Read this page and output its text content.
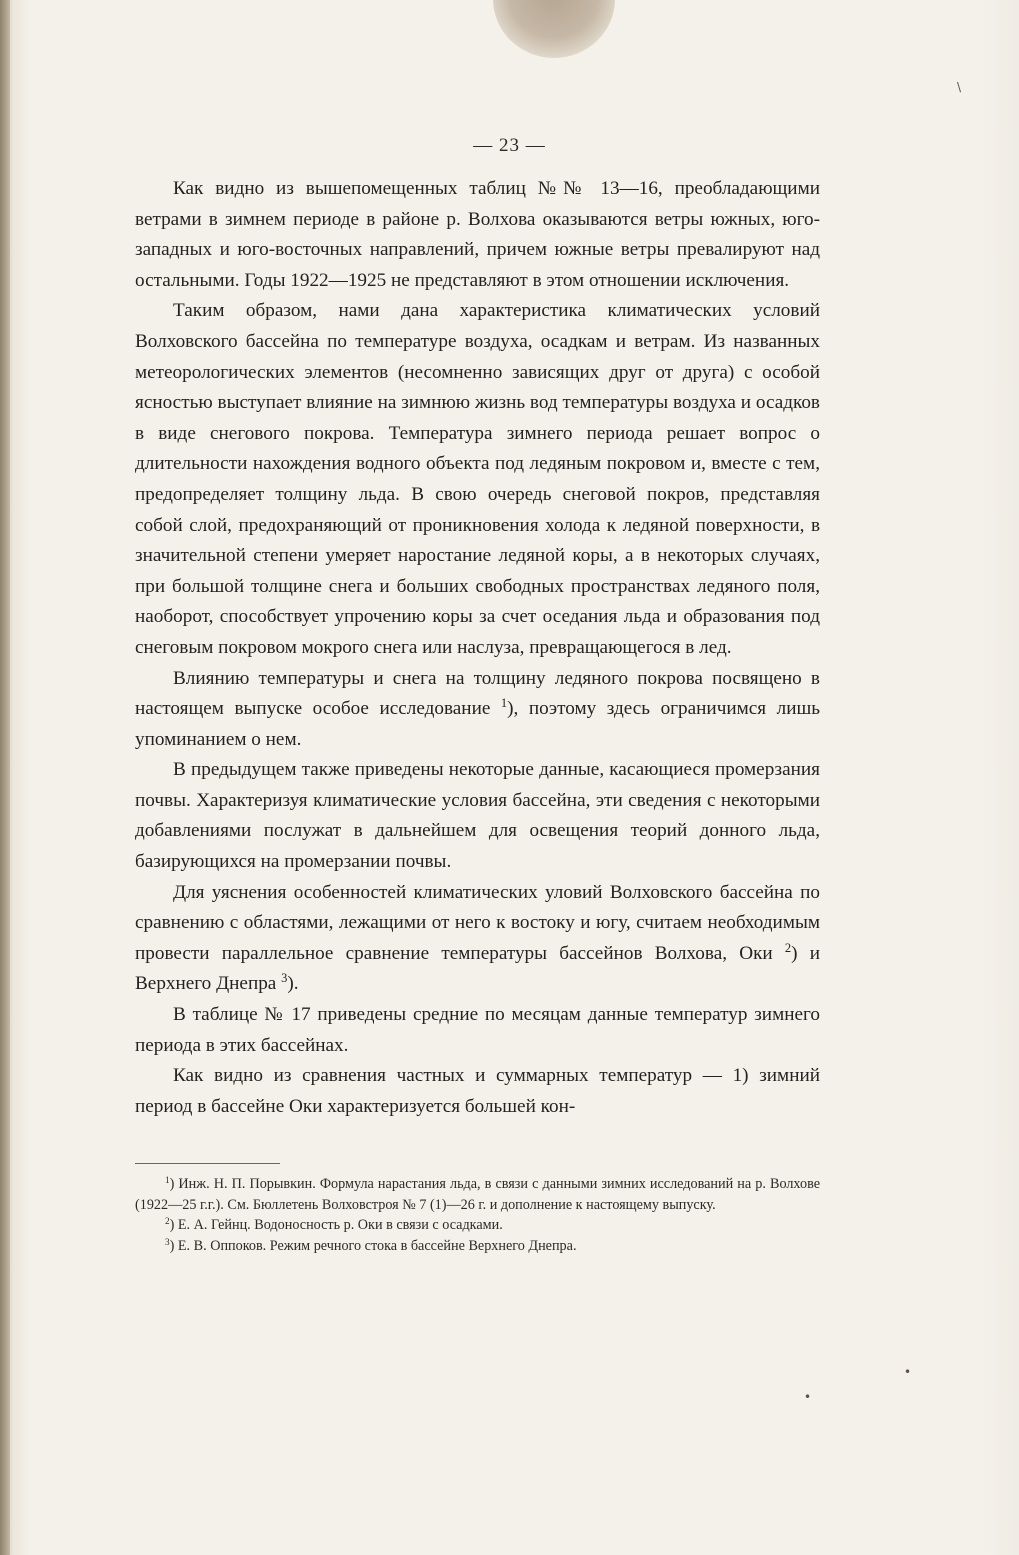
\
•
•
— 23 —

Как видно из вышепомещенных таблиц №№ 13—16, преобладающими ветрами в зимнем периоде в районе р. Волхова оказываются ветры южных, юго-западных и юго-восточных направлений, причем южные ветры превалируют над остальными. Годы 1922—1925 не представляют в этом отношении исключения.

Таким образом, нами дана характеристика климатических условий Волховского бассейна по температуре воздуха, осадкам и ветрам. Из названных метеорологических элементов (несомненно зависящих друг от друга) с особой ясностью выступает влияние на зимнюю жизнь вод температуры воздуха и осадков в виде снегового покрова. Температура зимнего периода решает вопрос о длительности нахождения водного объекта под ледяным покровом и, вместе с тем, предопределяет толщину льда. В свою очередь снеговой покров, представляя собой слой, предохраняющий от проникновения холода к ледяной поверхности, в значительной степени умеряет наростание ледяной коры, а в некоторых случаях, при большой толщине снега и больших свободных пространствах ледяного поля, наоборот, способствует упрочению коры за счет оседания льда и образования под снеговым покровом мокрого снега или наслуза, превращающегося в лед.

Влиянию температуры и снега на толщину ледяного покрова посвящено в настоящем выпуске особое исследование $^1$), поэтому здесь ограничимся лишь упоминанием о нем.

В предыдущем также приведены некоторые данные, касающиеся промерзания почвы. Характеризуя климатические условия бассейна, эти сведения с некоторыми добавлениями послужат в дальнейшем для освещения теорий донного льда, базирующихся на промерзании почвы.

Для уяснения особенностей климатических уловий Волховского бассейна по сравнению с областями, лежащими от него к востоку и югу, считаем необходимым провести параллельное сравнение температуры бассейнов Волхова, Оки $^2$) и Верхнего Днепра $^3$).

В таблице № 17 приведены средние по месяцам данные температур зимнего периода в этих бассейнах.

Как видно из сравнения частных и суммарных температур — 1) зимний период в бассейне Оки характеризуется большей кон-

$^1$) Инж. Н. П. Порывкин. Формула нарастания льда, в связи с данными зимних исследований на р. Волхове (1922—25 г.г.). См. Бюллетень Волховстроя № 7 (1)—26 г. и дополнение к настоящему выпуску.

$^2$) Е. А. Гейнц. Водоносность р. Оки в связи с осадками.

$^3$) Е. В. Оппоков. Режим речного стока в бассейне Верхнего Днепра.
